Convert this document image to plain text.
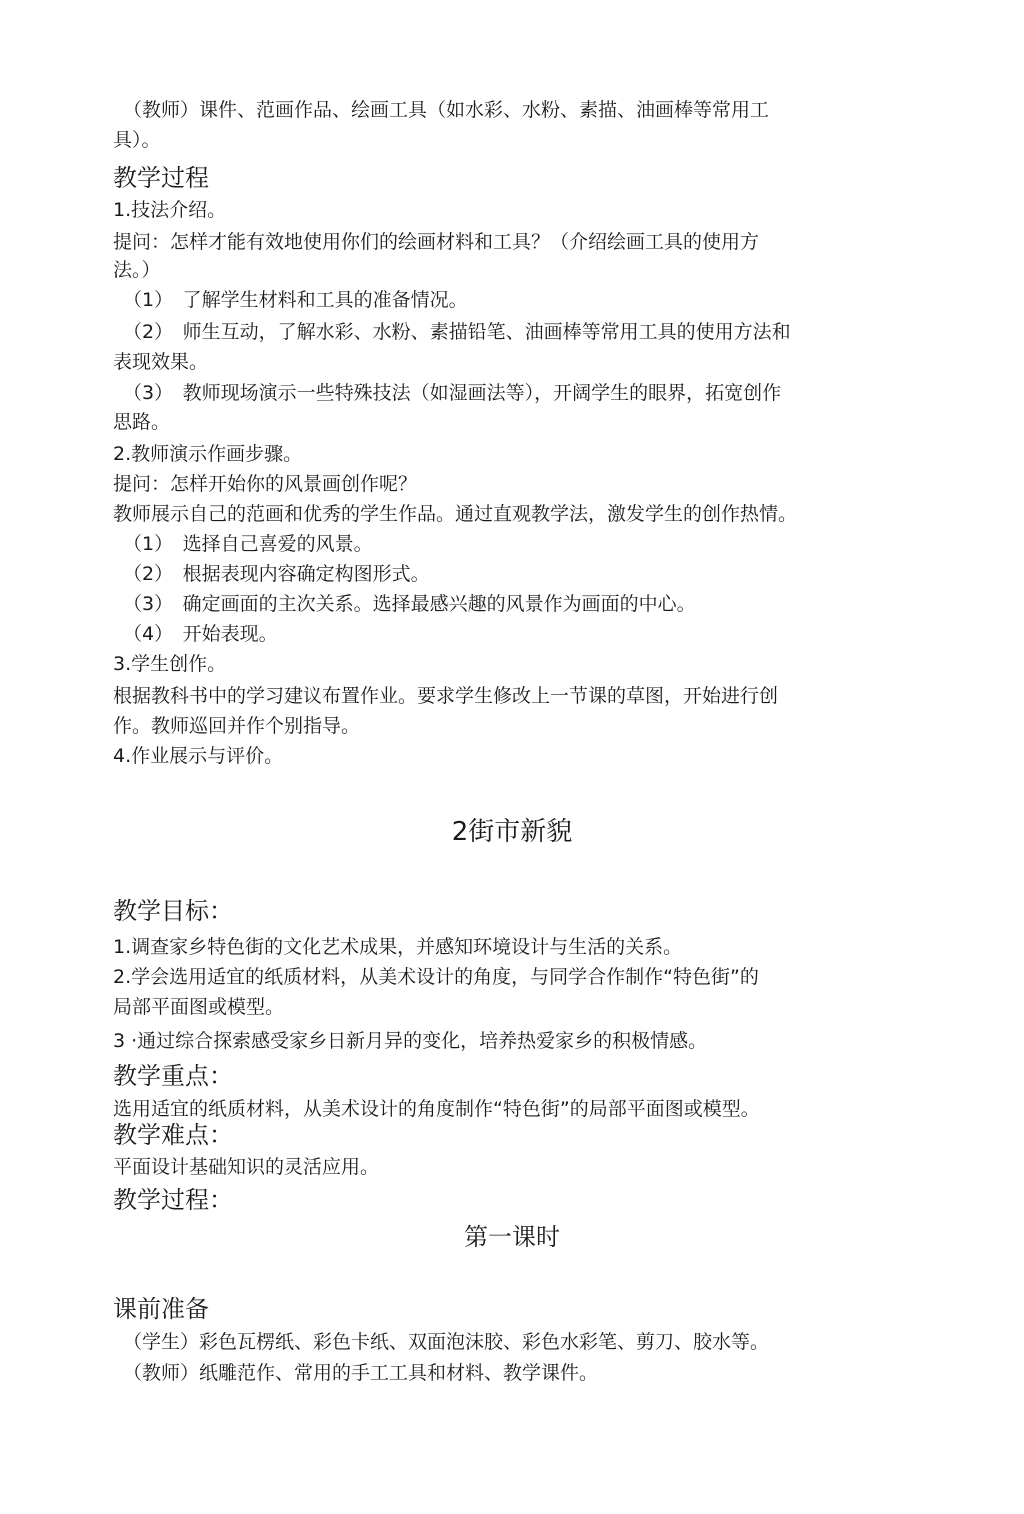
（教师）课件、范画作品、绘画工具（如水彩、水粉、素描、油画棒等常用工
具）。
教学过程
1.技法介绍。
提问：怎样才能有效地使用你们的绘画材料和工具？（介绍绘画工具的使用方
法。）
（1）　了解学生材料和工具的准备情况。
（2）　师生互动，了解水彩、水粉、素描铅笔、油画棒等常用工具的使用方法和
表现效果。
（3）　教师现场演示一些特殊技法（如湿画法等），开阔学生的眼界，拓宽创作
思路。
2.教师演示作画步骤。
提问：怎样开始你的风景画创作呢？
教师展示自己的范画和优秀的学生作品。通过直观教学法，激发学生的创作热情。
（1）　选择自己喜爱的风景。
（2）　根据表现内容确定构图形式。
（3）　确定画面的主次关系。选择最感兴趣的风景作为画面的中心。
（4）　开始表现。
3.学生创作。
根据教科书中的学习建议布置作业。要求学生修改上一节课的草图，开始进行创
作。教师巡回并作个别指导。
4.作业展示与评价。
2街市新貌
教学目标：
1.调查家乡特色街的文化艺术成果，并感知环境设计与生活的关系。
2.学会选用适宜的纸质材料，从美术设计的角度，与同学合作制作“特色街”的
局部平面图或模型。
3 ·通过综合探索感受家乡日新月异的变化，培养热爱家乡的积极情感。
教学重点：
选用适宜的纸质材料，从美术设计的角度制作“特色街”的局部平面图或模型。
教学难点：
平面设计基础知识的灵活应用。
教学过程：
第一课时
课前准备
（学生）彩色瓦楞纸、彩色卡纸、双面泡沫胶、彩色水彩笔、剪刀、胶水等。
（教师）纸雕范作、常用的手工工具和材料、教学课件。
